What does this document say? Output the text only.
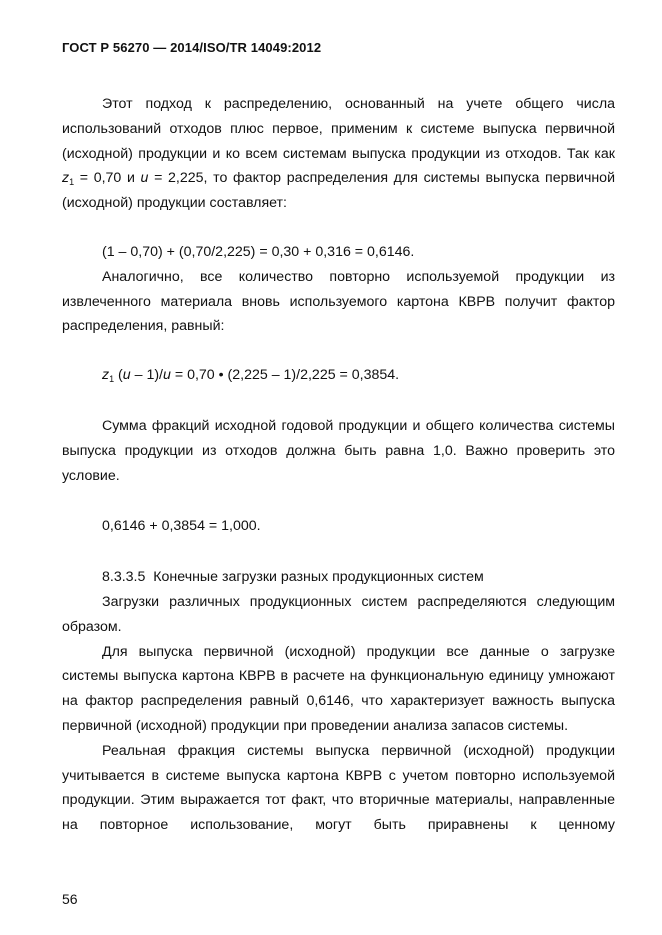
ГОСТ Р 56270 — 2014/ISO/TR 14049:2012

Этот подход к распределению, основанный на учете общего числа использований отходов плюс первое, применим к системе выпуска первичной (исходной) продукции и ко всем системам выпуска продукции из отходов. Так как $z_1 = 0,70$ и u = 2,225, то фактор распределения для системы выпуска первичной (исходной) продукции составляет:

(1 – 0,70) + (0,70/2,225) = 0,30 + 0,316 = 0,6146.

Аналогично, все количество повторно используемой продукции из извлеченного материала вновь используемого картона КВРВ получит фактор распределения, равный:

$z_1$ (u – 1)/u = 0,70 • (2,225 – 1)/2,225 = 0,3854.

Сумма фракций исходной годовой продукции и общего количества системы выпуска продукции из отходов должна быть равна 1,0. Важно проверить это условие.

0,6146 + 0,3854 = 1,000.

8.3.3.5 Конечные загрузки разных продукционных систем

Загрузки различных продукционных систем распределяются следующим образом.

Для выпуска первичной (исходной) продукции все данные о загрузке системы выпуска картона КВРВ в расчете на функциональную единицу умножают на фактор распределения равный 0,6146, что характеризует важность выпуска первичной (исходной) продукции при проведении анализа запасов системы.

Реальная фракция системы выпуска первичной (исходной) продукции учитывается в системе выпуска картона КВРВ с учетом повторно используемой продукции. Этим выражается тот факт, что вторичные материалы, направленные на повторное использование, могут быть приравнены к ценному

56
